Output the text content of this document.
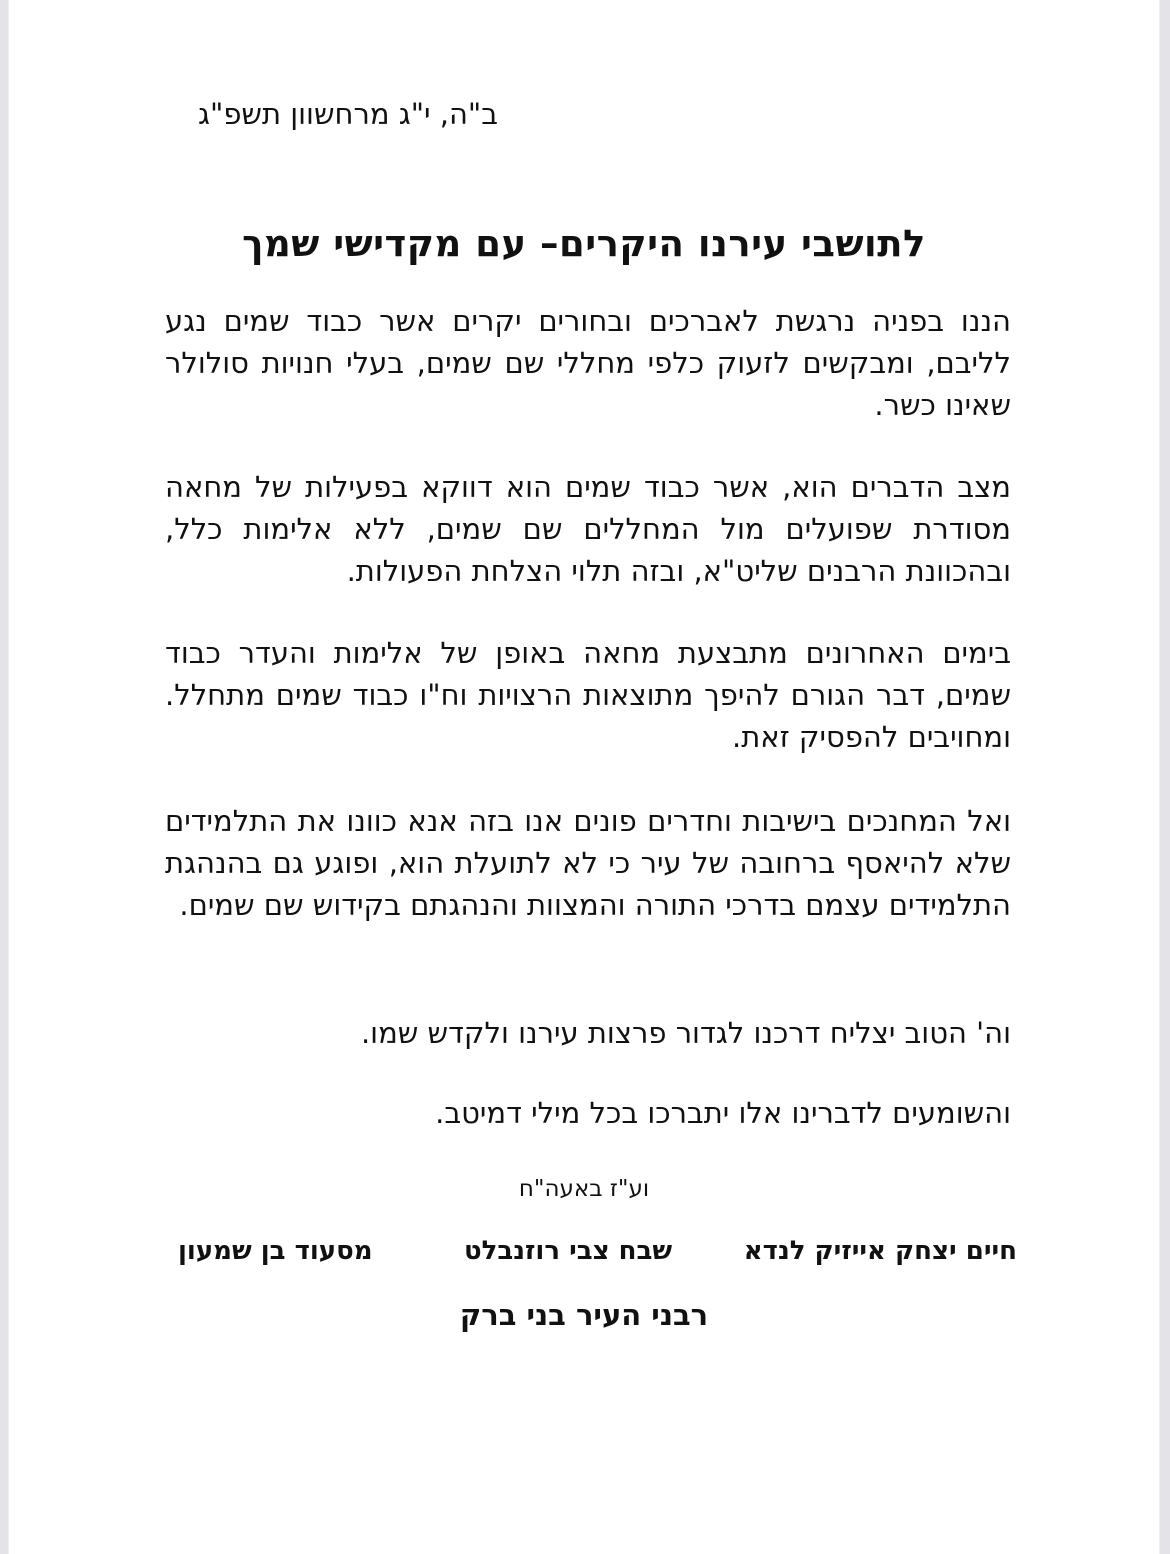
ב"ה, י"ג מרחשוון תשפ"ג
לתושבי עירנו היקרים– עם מקדישי שמך

הננו בפניה נרגשת לאברכים ובחורים יקרים אשר כבוד שמים נגע לליבם, ומבקשים לזעוק כלפי מחללי שם שמים, בעלי חנויות סולולר שאינו כשר.

מצב הדברים הוא, אשר כבוד שמים הוא דווקא בפעילות של מחאה מסודרת שפועלים מול המחללים שם שמים, ללא אלימות כלל, ובהכוונת הרבנים שליט"א, ובזה תלוי הצלחת הפעולות.

בימים האחרונים מתבצעת מחאה באופן של אלימות והעדר כבוד שמים, דבר הגורם להיפך מתוצאות הרצויות וח"ו כבוד שמים מתחלל. ומחויבים להפסיק זאת.

ואל המחנכים בישיבות וחדרים פונים אנו בזה אנא כוונו את התלמידים שלא להיאסף ברחובה של עיר כי לא לתועלת הוא, ופוגע גם בהנהגת התלמידים עצמם בדרכי התורה והמצוות והנהגתם בקידוש שם שמים.

וה' הטוב יצליח דרכנו לגדור פרצות עירנו ולקדש שמו.

והשומעים לדברינו אלו יתברכו בכל מילי דמיטב.

וע"ז באעה"ח
חיים יצחק אייזיק לנדא
שבח צבי רוזנבלט
מסעוד בן שמעון
רבני העיר בני ברק
